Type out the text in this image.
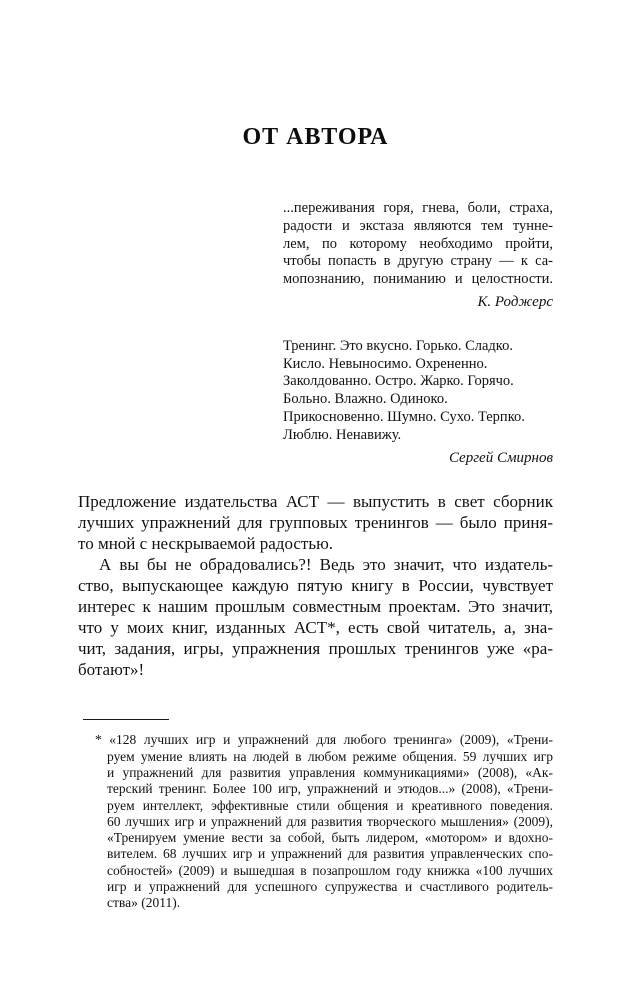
ОТ АВТОРА
...переживания горя, гнева, боли, страха,
радости и экстаза являются тем тунне-
лем, по которому необходимо пройти,
чтобы попасть в другую страну — к са-
мопознанию, пониманию и целостности.
К. Роджерс
Тренинг. Это вкусно. Горько. Сладко.
Кисло. Невыносимо. Охрененно.
Заколдованно. Остро. Жарко. Горячо.
Больно. Влажно. Одиноко.
Прикосновенно. Шумно. Сухо. Терпко.
Люблю. Ненавижу.
Сергей Смирнов
Предложение издательства АСТ — выпустить в свет сборник
лучших упражнений для групповых тренингов — было приня-
то мной с нескрываемой радостью.
А вы бы не обрадовались?! Ведь это значит, что издатель-
ство, выпускающее каждую пятую книгу в России, чувствует
интерес к нашим прошлым совместным проектам. Это значит,
что у моих книг, изданных АСТ*, есть свой читатель, а, зна-
чит, задания, игры, упражнения прошлых тренингов уже «ра-
ботают»!
* «128 лучших игр и упражнений для любого тренинга» (2009), «Трени-
руем умение влиять на людей в любом режиме общения. 59 лучших игр
и упражнений для развития управления коммуникациями» (2008), «Ак-
терский тренинг. Более 100 игр, упражнений и этюдов...» (2008), «Трени-
руем интеллект, эффективные стили общения и креативного поведения.
60 лучших игр и упражнений для развития творческого мышления» (2009),
«Тренируем умение вести за собой, быть лидером, «мотором» и вдохно-
вителем. 68 лучших игр и упражнений для развития управленческих спо-
собностей» (2009) и вышедшая в позапрошлом году книжка «100 лучших
игр и упражнений для успешного супружества и счастливого родитель-
ства» (2011).
